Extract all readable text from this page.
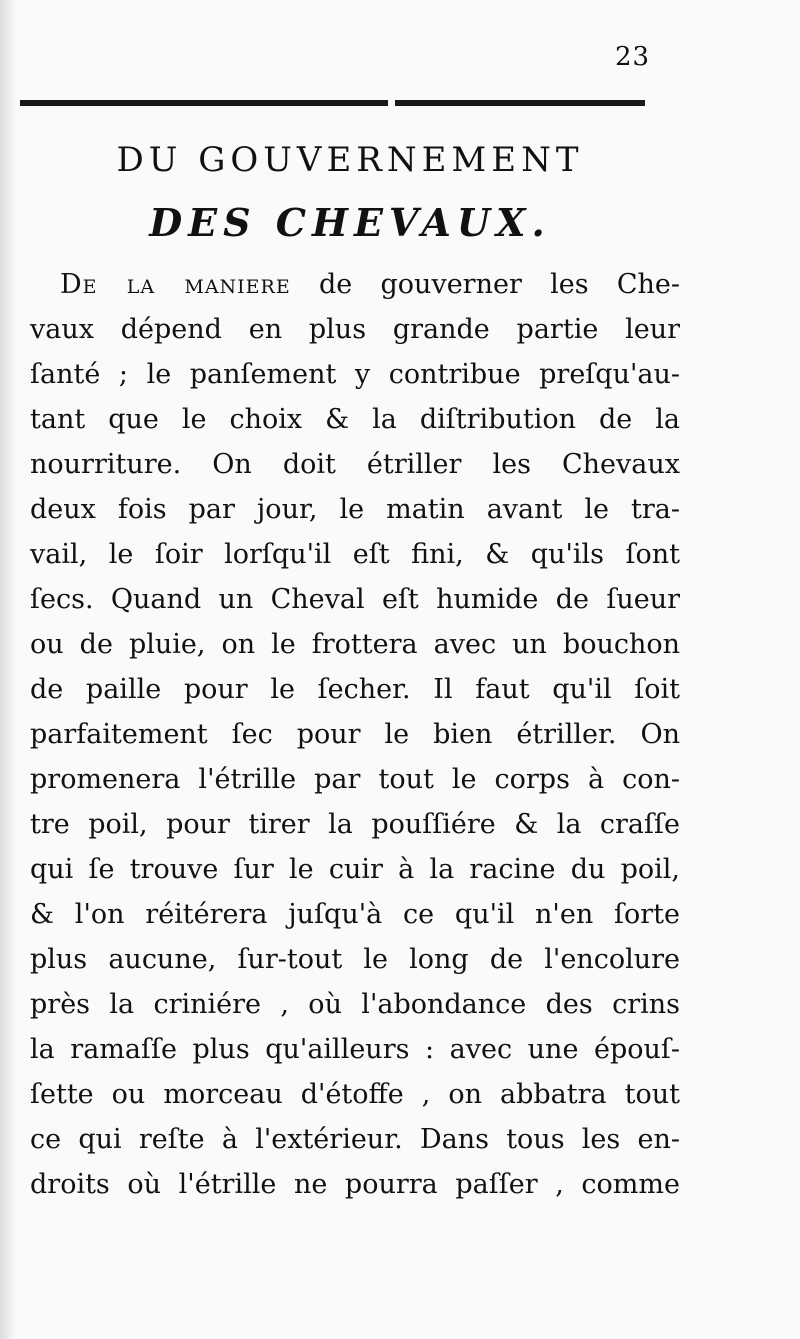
23
DU GOUVERNEMENT
DES CHEVAUX.
De la maniere de gouverner les Che-
vaux dépend en plus grande partie leur
ſanté ; le panſement y contribue preſqu'au-
tant que le choix & la diſtribution de la
nourriture. On doit étriller les Chevaux
deux fois par jour, le matin avant le tra-
vail, le ſoir lorſqu'il eſt fini, & qu'ils ſont
ſecs. Quand un Cheval eſt humide de ſueur
ou de pluie, on le frottera avec un bouchon
de paille pour le ſecher. Il faut qu'il ſoit
parfaitement ſec pour le bien étriller. On
promenera l'étrille par tout le corps à con-
tre poil, pour tirer la pouſſiére & la craſſe
qui ſe trouve ſur le cuir à la racine du poil,
& l'on réitérera juſqu'à ce qu'il n'en ſorte
plus aucune, ſur-tout le long de l'encolure
près la criniére , où l'abondance des crins
la ramaſſe plus qu'ailleurs : avec une épouſ-
ſette ou morceau d'étoffe , on abbatra tout
ce qui reſte à l'extérieur. Dans tous les en-
droits où l'étrille ne pourra paſſer , comme
